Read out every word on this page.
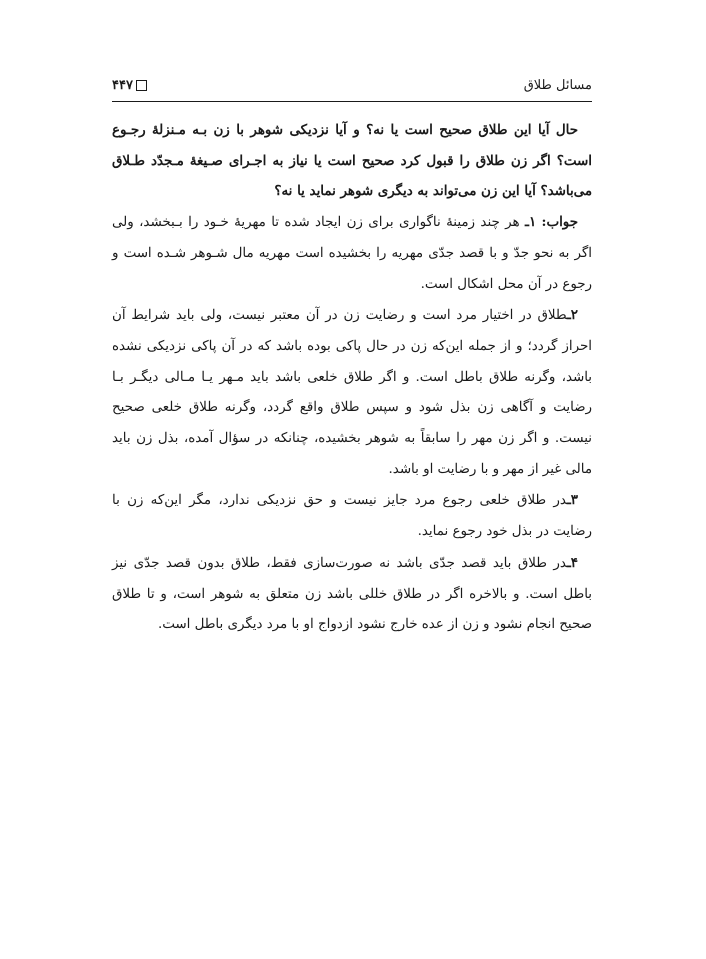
مسائل طلاق
۴۴۷

حال آیا این طلاق صحیح است یا نه؟ و آیا نزدیکی شوهر با زن بـه مـنزلهٔ رجـوع است؟ اگر زن طلاق را قبول کرد صحیح است یا نیاز به اجـرای صـیغهٔ مـجدّد طـلاق می‌باشد؟ آیا این زن می‌تواند به دیگری شوهر نماید یا نه؟

جواب: ۱ـ هر چند زمینهٔ ناگواری برای زن ایجاد شده تا مهریهٔ خـود را بـبخشد، ولی اگر به نحو جدّ و با قصد جدّی مهریه را بخشیده است مهریه مال شـوهر شـده است و رجوع در آن محل اشکال است.

۲ـطلاق در اختیار مرد است و رضایت زن در آن معتبر نیست، ولی باید شرایط آن احراز گردد؛ و از جمله این‌که زن در حال پاکی بوده باشد که در آن پاکی نزدیکی نشده باشد، وگرنه طلاق باطل است. و اگر طلاق خلعی باشد باید مـهر یـا مـالی دیگـر بـا رضایت و آگاهی زن بذل شود و سپس طلاق واقع گردد، وگرنه طلاق خلعی صحیح نیست. و اگر زن مهر را سابقاً به شوهر بخشیده، چنانکه در سؤال آمده، بذل زن باید مالی غیر از مهر و با رضایت او باشد.

۳ـدر طلاق خلعی رجوع مرد جایز نیست و حق نزدیکی ندارد، مگر این‌که زن با رضایت در بذل خود رجوع نماید.

۴ـدر طلاق باید قصد جدّی باشد نه صورت‌سازی فقط، طلاق بدون قصد جدّی نیز باطل است. و بالاخره اگر در طلاق خللی باشد زن متعلق به شوهر است، و تا طلاق صحیح انجام نشود و زن از عده خارج نشود ازدواج او با مرد دیگری باطل است.
